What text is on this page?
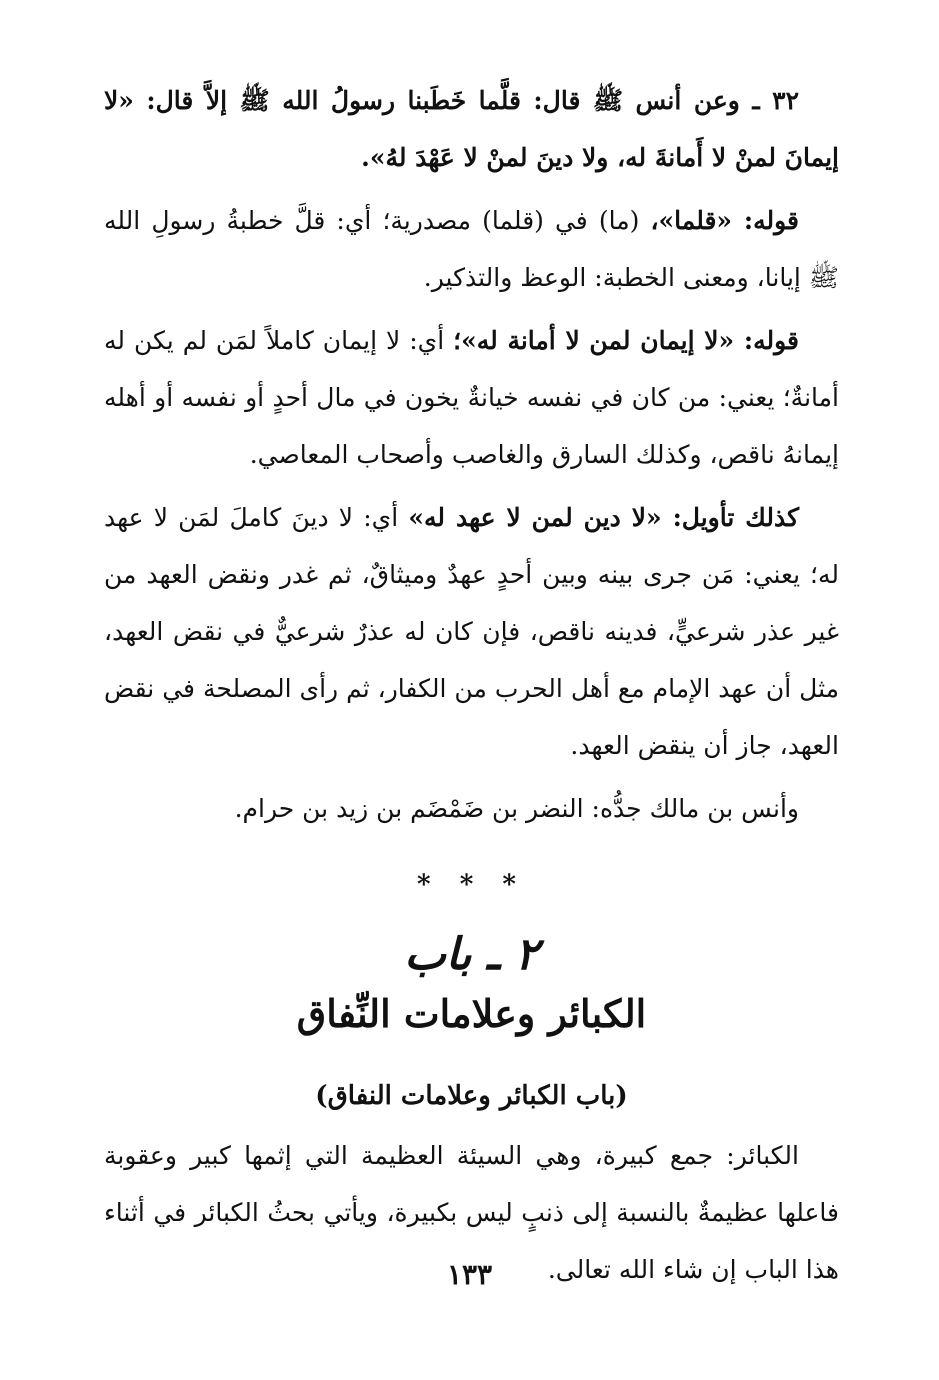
٣٢ ـ وعن أنس ﷺ قال: قلَّما خَطَبنا رسولُ الله ﷺ إلاَّ قال: «لا إيمانَ لمنْ لا أَمانةَ له، ولا دينَ لمنْ لا عَهْدَ لهُ».

قوله: «قلما»، (ما) في (قلما) مصدرية؛ أي: قلَّ خطبةُ رسولِ الله ﷺ إيانا، ومعنى الخطبة: الوعظ والتذكير.

قوله: «لا إيمان لمن لا أمانة له»؛ أي: لا إيمان كاملاً لمَن لم يكن له أمانةٌ؛ يعني: من كان في نفسه خيانةٌ يخون في مال أحدٍ أو نفسه أو أهله إيمانهُ ناقص، وكذلك السارق والغاصب وأصحاب المعاصي.

كذلك تأويل: «لا دين لمن لا عهد له» أي: لا دينَ كاملَ لمَن لا عهد له؛ يعني: مَن جرى بينه وبين أحدٍ عهدٌ وميثاقٌ، ثم غدر ونقض العهد من غير عذر شرعيٍّ، فدينه ناقص، فإن كان له عذرٌ شرعيٌّ في نقض العهد، مثل أن عهد الإمام مع أهل الحرب من الكفار، ثم رأى المصلحة في نقض العهد، جاز أن ينقض العهد.

وأنس بن مالك جدُّه: النضر بن ضَمْضَم بن زيد بن حرام.

* * *
٢ ـ باب
الكبائر وعلامات النِّفاق
(باب الكبائر وعلامات النفاق)

الكبائر: جمع كبيرة، وهي السيئة العظيمة التي إثمها كبير وعقوبة فاعلها عظيمةٌ بالنسبة إلى ذنبٍ ليس بكبيرة، ويأتي بحثُ الكبائر في أثناء هذا الباب إن شاء الله تعالى.

١٣٣
